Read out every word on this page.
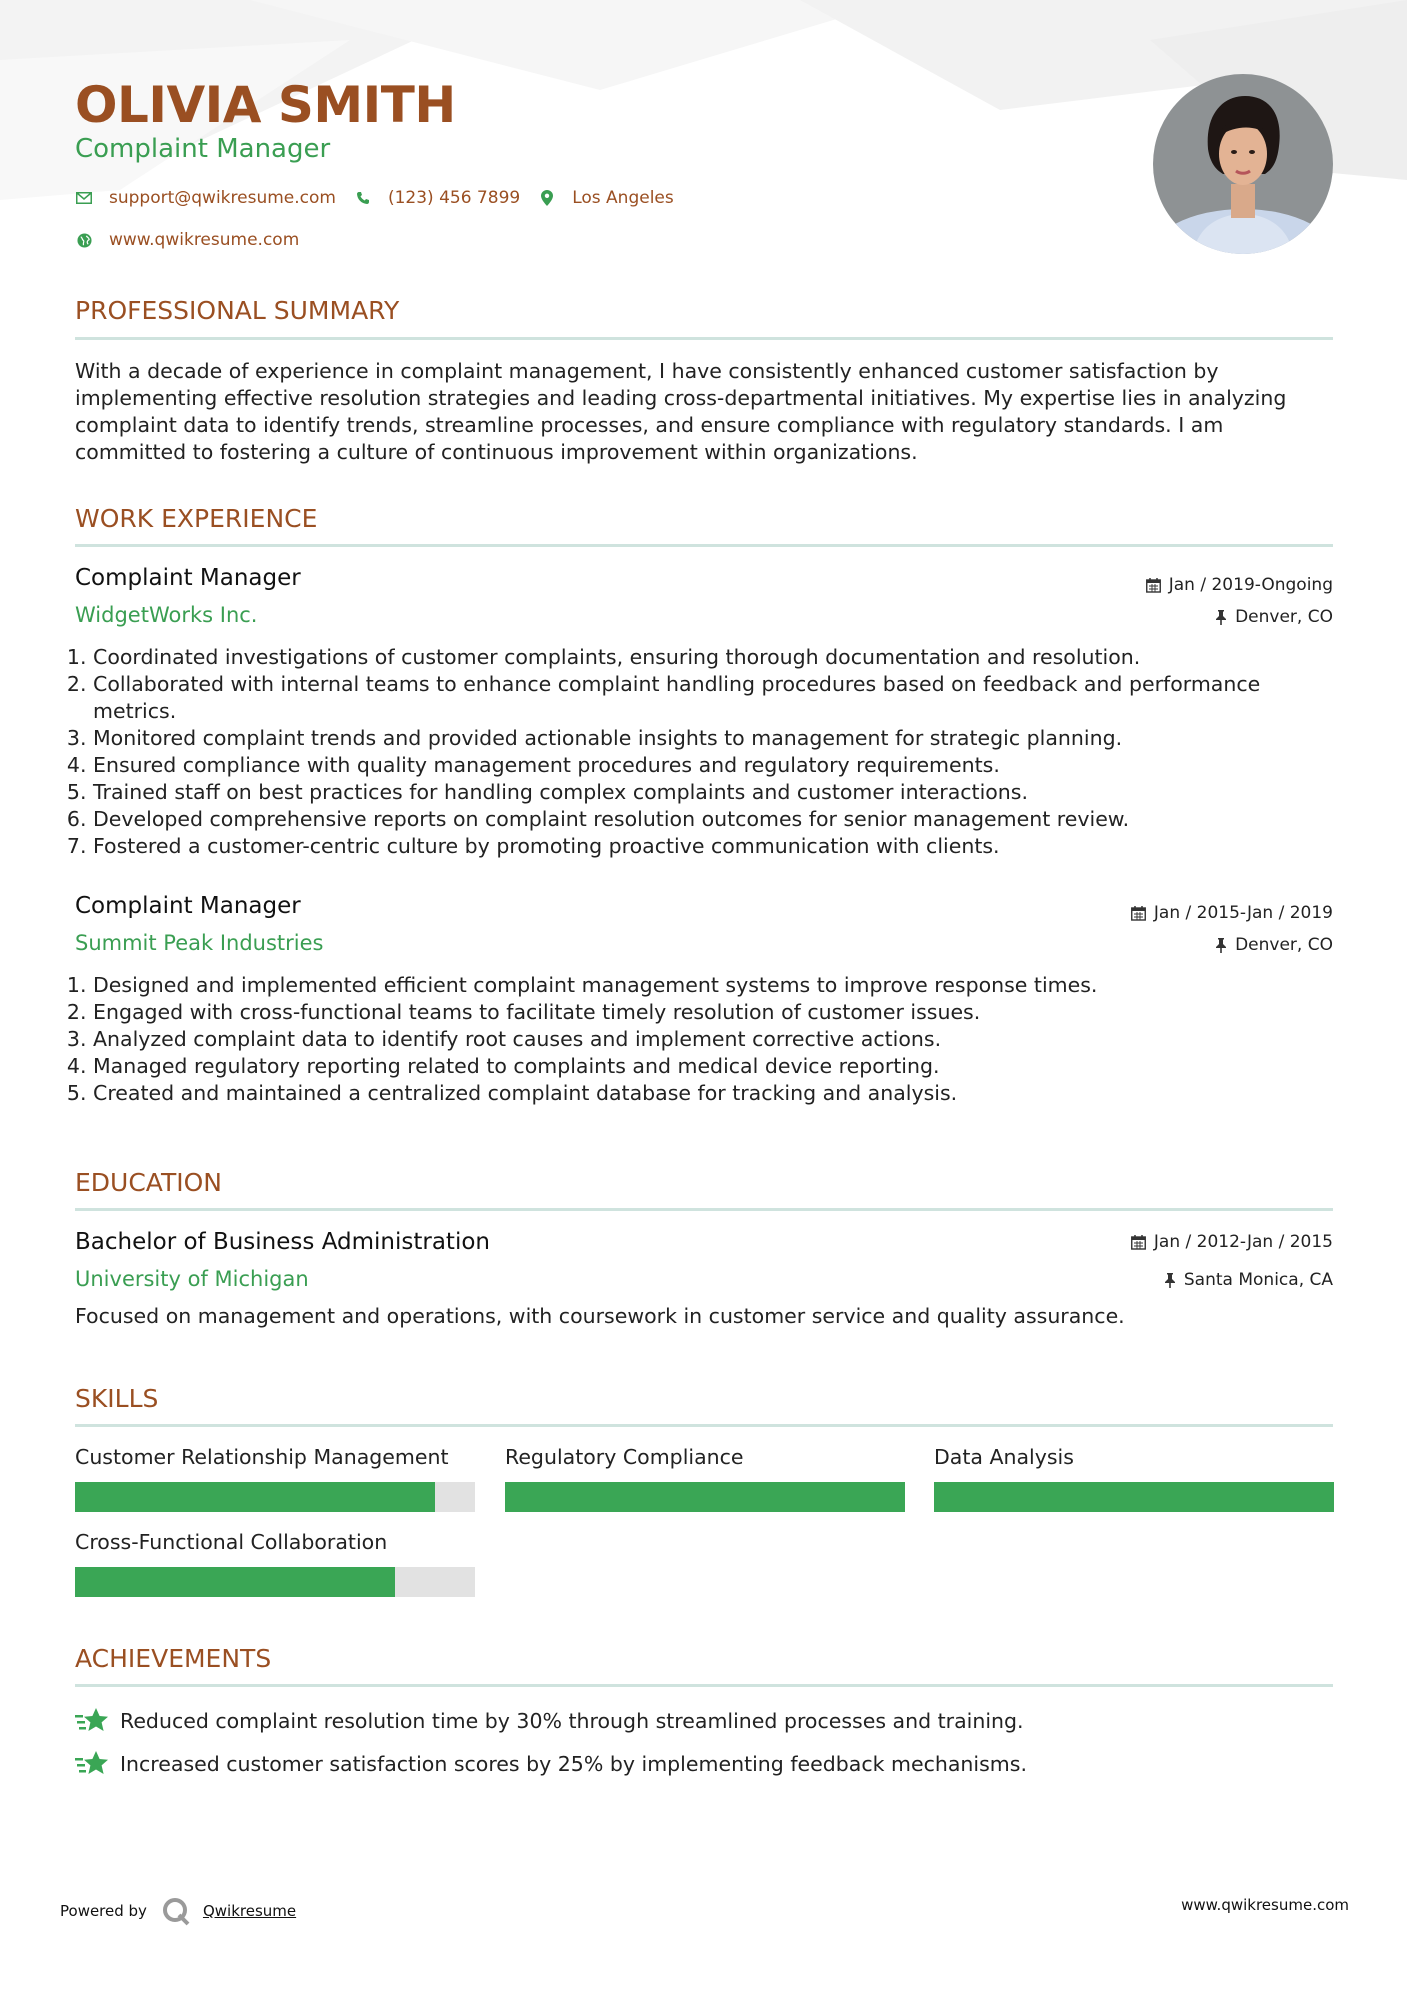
OLIVIA SMITH
Complaint Manager
support@qwikresume.com	(123) 456 7899	Los Angeles
www.qwikresume.com
PROFESSIONAL SUMMARY
With a decade of experience in complaint management, I have consistently enhanced customer satisfaction by implementing effective resolution strategies and leading cross-departmental initiatives. My expertise lies in analyzing complaint data to identify trends, streamline processes, and ensure compliance with regulatory standards. I am committed to fostering a culture of continuous improvement within organizations.
WORK EXPERIENCE
Complaint Manager	Jan / 2019-Ongoing
WidgetWorks Inc.	Denver, CO
1. Coordinated investigations of customer complaints, ensuring thorough documentation and resolution.
2. Collaborated with internal teams to enhance complaint handling procedures based on feedback and performance metrics.
3. Monitored complaint trends and provided actionable insights to management for strategic planning.
4. Ensured compliance with quality management procedures and regulatory requirements.
5. Trained staff on best practices for handling complex complaints and customer interactions.
6. Developed comprehensive reports on complaint resolution outcomes for senior management review.
7. Fostered a customer-centric culture by promoting proactive communication with clients.
Complaint Manager	Jan / 2015-Jan / 2019
Summit Peak Industries	Denver, CO
1. Designed and implemented efficient complaint management systems to improve response times.
2. Engaged with cross-functional teams to facilitate timely resolution of customer issues.
3. Analyzed complaint data to identify root causes and implement corrective actions.
4. Managed regulatory reporting related to complaints and medical device reporting.
5. Created and maintained a centralized complaint database for tracking and analysis.
EDUCATION
Bachelor of Business Administration	Jan / 2012-Jan / 2015
University of Michigan	Santa Monica, CA
Focused on management and operations, with coursework in customer service and quality assurance.
SKILLS
Customer Relationship Management	Regulatory Compliance	Data Analysis
Cross-Functional Collaboration
ACHIEVEMENTS
Reduced complaint resolution time by 30% through streamlined processes and training.
Increased customer satisfaction scores by 25% by implementing feedback mechanisms.
Powered by	Qwikresume	www.qwikresume.com
